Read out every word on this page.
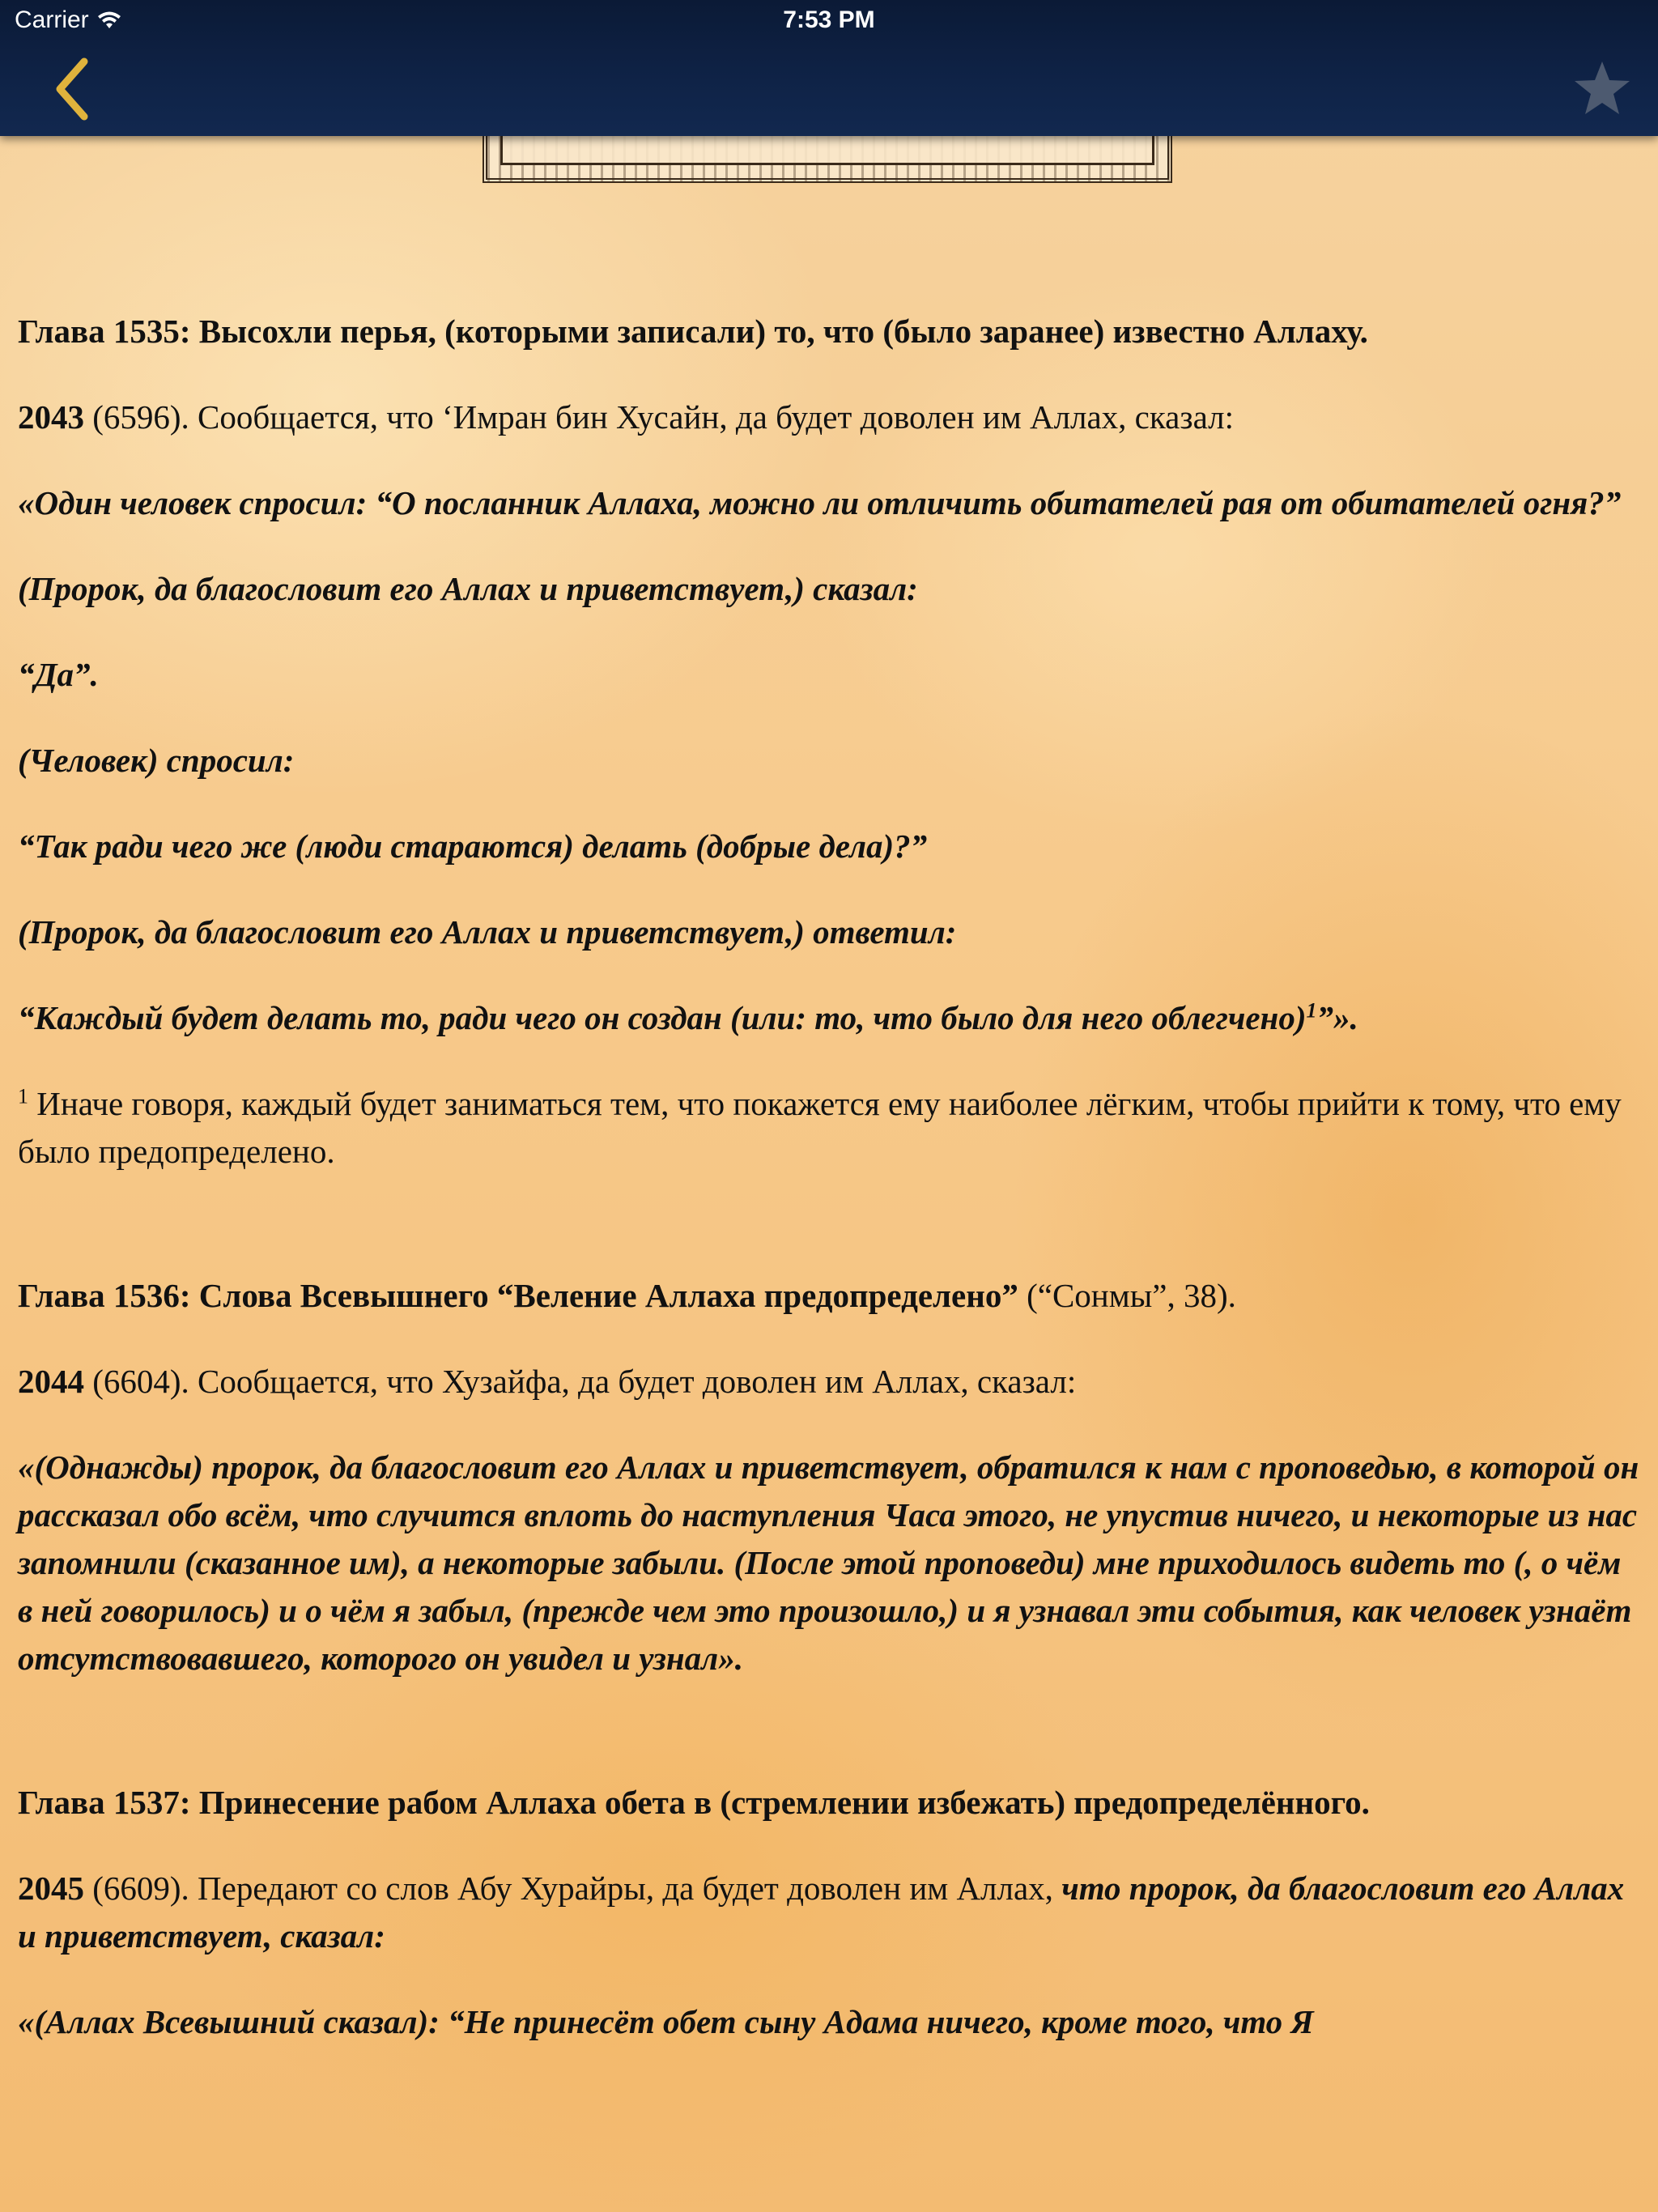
Carrier	7:53 PM

Глава 1535: Высохли перья, (которыми записали) то, что (было заранее) известно Аллаху.

2043 (6596). Сообщается, что ‘Имран бин Хусайн, да будет доволен им Аллах, сказал:

«Один человек спросил: “О посланник Аллаха, можно ли отличить обитателей рая от обитателей огня?”

(Пророк, да благословит его Аллах и приветствует,) сказал:

“Да”.

(Человек) спросил:

“Так ради чего же (люди стараются) делать (добрые дела)?”

(Пророк, да благословит его Аллах и приветствует,) ответил:

“Каждый будет делать то, ради чего он создан (или: то, что было для него облегчено)$^1$”».

$^1$ Иначе говоря, каждый будет заниматься тем, что покажется ему наиболее лёгким, чтобы прийти к тому, что ему было предопределено.

Глава 1536: Слова Всевышнего “Веление Аллаха предопределено” (“Сонмы”, 38).

2044 (6604). Сообщается, что Хузайфа, да будет доволен им Аллах, сказал:

«(Однажды) пророк, да благословит его Аллах и приветствует, обратился к нам с проповедью, в которой он рассказал обо всём, что случится вплоть до наступления Часа этого, не упустив ничего, и некоторые из нас запомнили (сказанное им), а некоторые забыли. (После этой проповеди) мне приходилось видеть то (, о чём в ней говорилось) и о чём я забыл, (прежде чем это произошло,) и я узнавал эти события, как человек узнаёт отсутствовавшего, которого он увидел и узнал».

Глава 1537: Принесение рабом Аллаха обета в (стремлении избежать) предопределённого.

2045 (6609). Передают со слов Абу Хурайры, да будет доволен им Аллах, что пророк, да благословит его Аллах и приветствует, сказал:

«(Аллах Всевышний сказал): “Не принесёт обет сыну Адама ничего, кроме того, что Я
